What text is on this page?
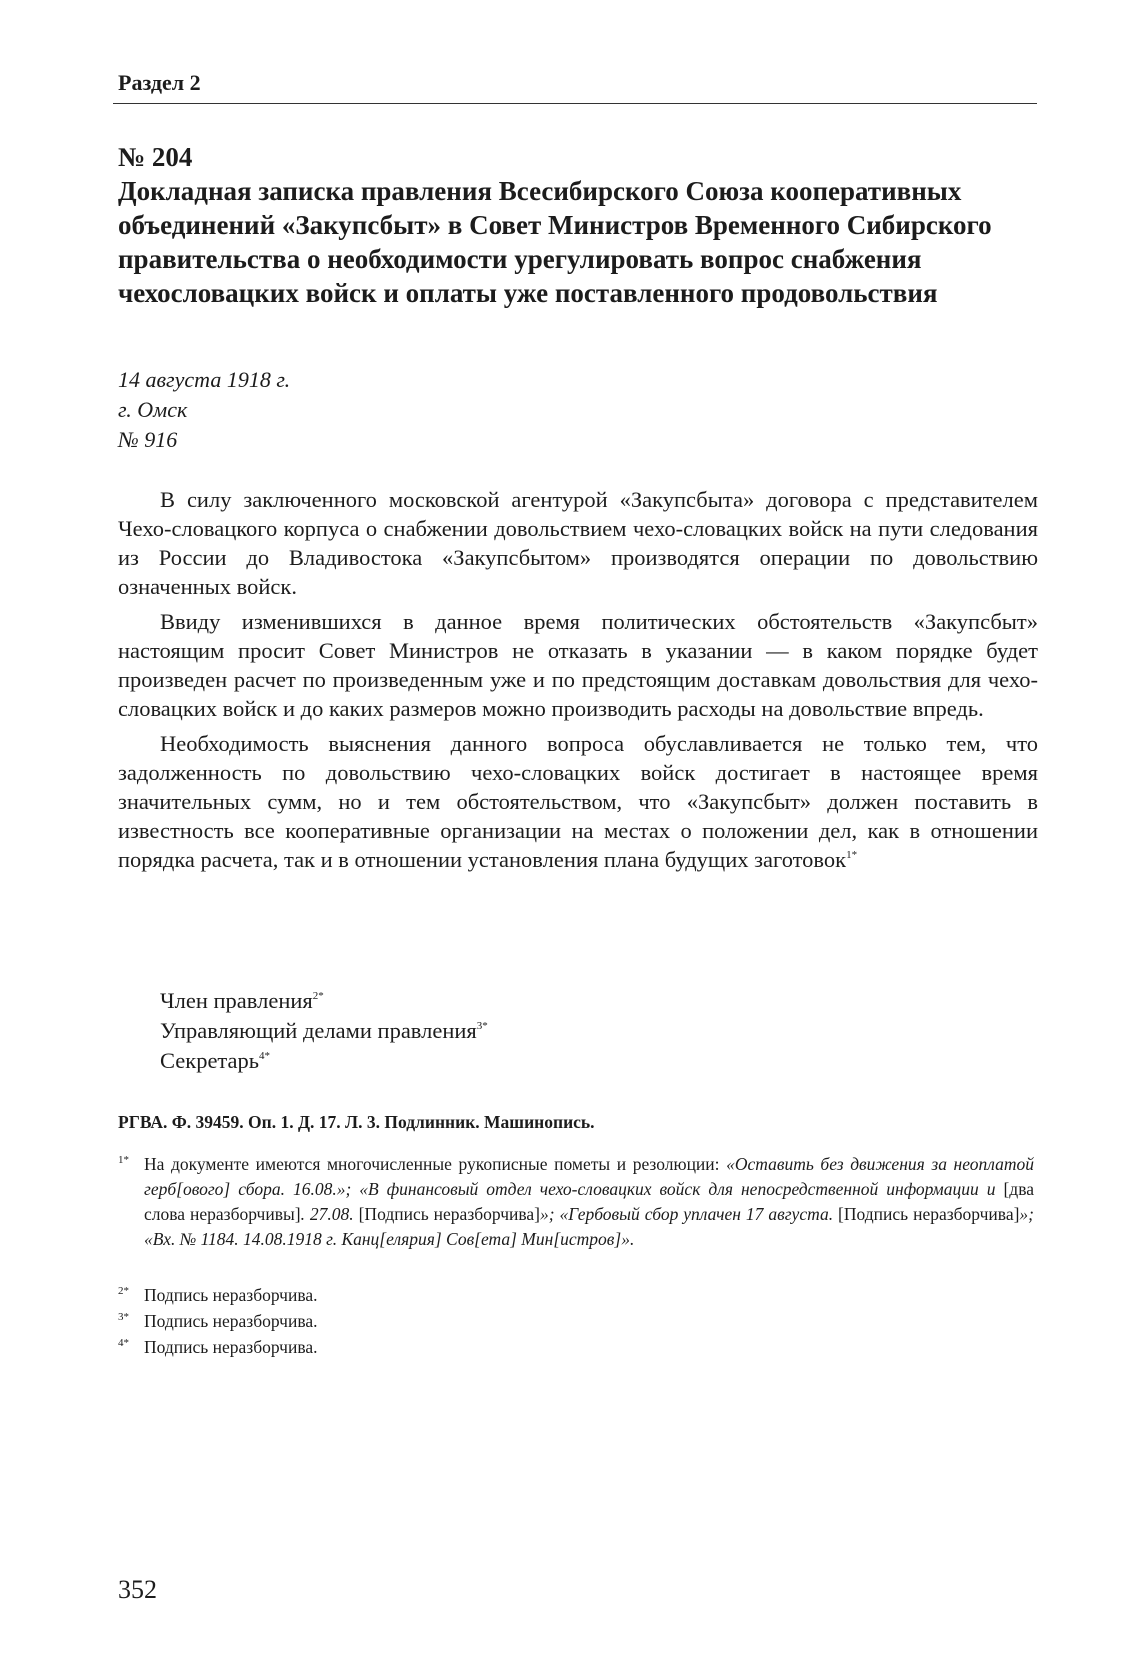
Раздел 2
№ 204
Докладная записка правления Всесибирского Союза кооперативных объединений «Закупсбыт» в Совет Министров Временного Сибирского правительства о необходимости урегулировать вопрос снабжения чехословацких войск и оплаты уже поставленного продовольствия
14 августа 1918 г.
г. Омск
№ 916

В силу заключенного московской агентурой «Закупсбыта» договора с представителем Чехо-словацкого корпуса о снабжении довольствием чехо-словацких войск на пути следования из России до Владивостока «Закупсбытом» производятся операции по довольствию означенных войск.

Ввиду изменившихся в данное время политических обстоятельств «Закупсбыт» настоящим просит Совет Министров не отказать в указании — в каком порядке будет произведен расчет по произведенным уже и по предстоящим доставкам довольствия для чехо-словацких войск и до каких размеров можно производить расходы на довольствие впредь.

Необходимость выяснения данного вопроса обуславливается не только тем, что задолженность по довольствию чехо-словацких войск достигает в настоящее время значительных сумм, но и тем обстоятельством, что «Закупсбыт» должен поставить в известность все кооперативные организации на местах о положении дел, как в отношении порядка расчета, так и в отношении установления плана будущих заготовок$^{1*}$

Член правления$^{2*}$
Управляющий делами правления$^{3*}$
Секретарь$^{4*}$
РГВА. Ф. 39459. Оп. 1. Д. 17. Л. 3. Подлинник. Машинопись.
$^{1*}$ На документе имеются многочисленные рукописные пометы и резолюции: «Оставить без движения за неоплатой герб[ового] сбора. 16.08.»; «В финансовый отдел чехо-словацких войск для непосредственной информации и [два слова неразборчивы]. 27.08. [Подпись неразборчива]»; «Гербовый сбор уплачен 17 августа. [Подпись неразборчива]»; «Вх. № 1184. 14.08.1918 г. Канц[елярия] Сов[ета] Мин[истров]».
$^{2*}$ Подпись неразборчива.
$^{3*}$ Подпись неразборчива.
$^{4*}$ Подпись неразборчива.
352
